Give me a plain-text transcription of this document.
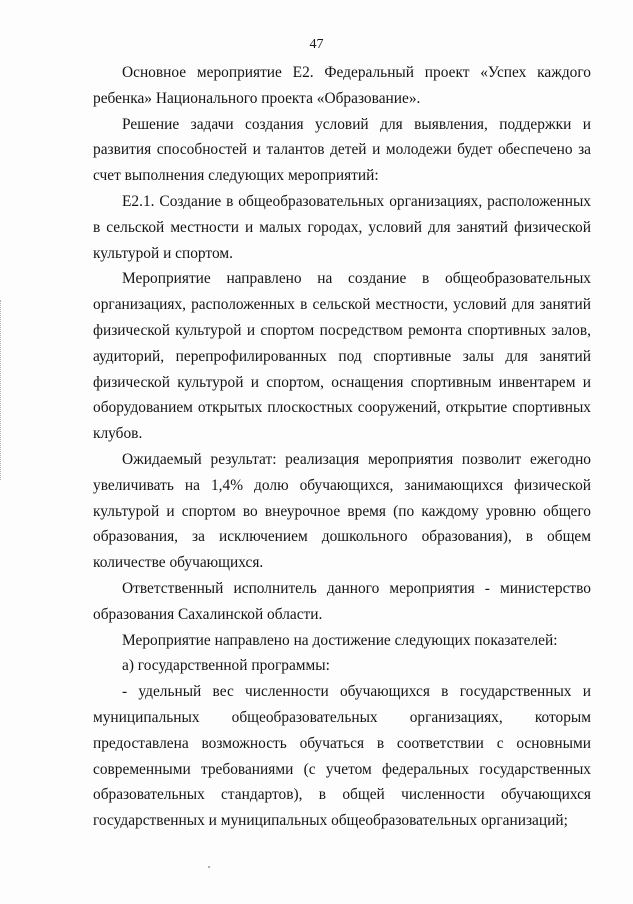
47

Основное мероприятие Е2. Федеральный проект «Успех каждого ребенка» Национального проекта «Образование».

Решение задачи создания условий для выявления, поддержки и развития способностей и талантов детей и молодежи будет обеспечено за счет выполнения следующих мероприятий:

Е2.1. Создание в общеобразовательных организациях, расположенных в сельской местности и малых городах, условий для занятий физической культурой и спортом.

Мероприятие направлено на создание в общеобразовательных организациях, расположенных в сельской местности, условий для занятий физической культурой и спортом посредством ремонта спортивных залов, аудиторий, перепрофилированных под спортивные залы для занятий физической культурой и спортом, оснащения спортивным инвентарем и оборудованием открытых плоскостных сооружений, открытие спортивных клубов.

Ожидаемый результат: реализация мероприятия позволит ежегодно увеличивать на 1,4% долю обучающихся, занимающихся физической культурой и спортом во внеурочное время (по каждому уровню общего образования, за исключением дошкольного образования), в общем количестве обучающихся.

Ответственный исполнитель данного мероприятия - министерство образования Сахалинской области.

Мероприятие направлено на достижение следующих показателей:

а) государственной программы:

- удельный вес численности обучающихся в государственных и муниципальных общеобразовательных организациях, которым предоставлена возможность обучаться в соответствии с основными современными требованиями (с учетом федеральных государственных образовательных стандартов), в общей численности обучающихся государственных и муниципальных общеобразовательных организаций;
